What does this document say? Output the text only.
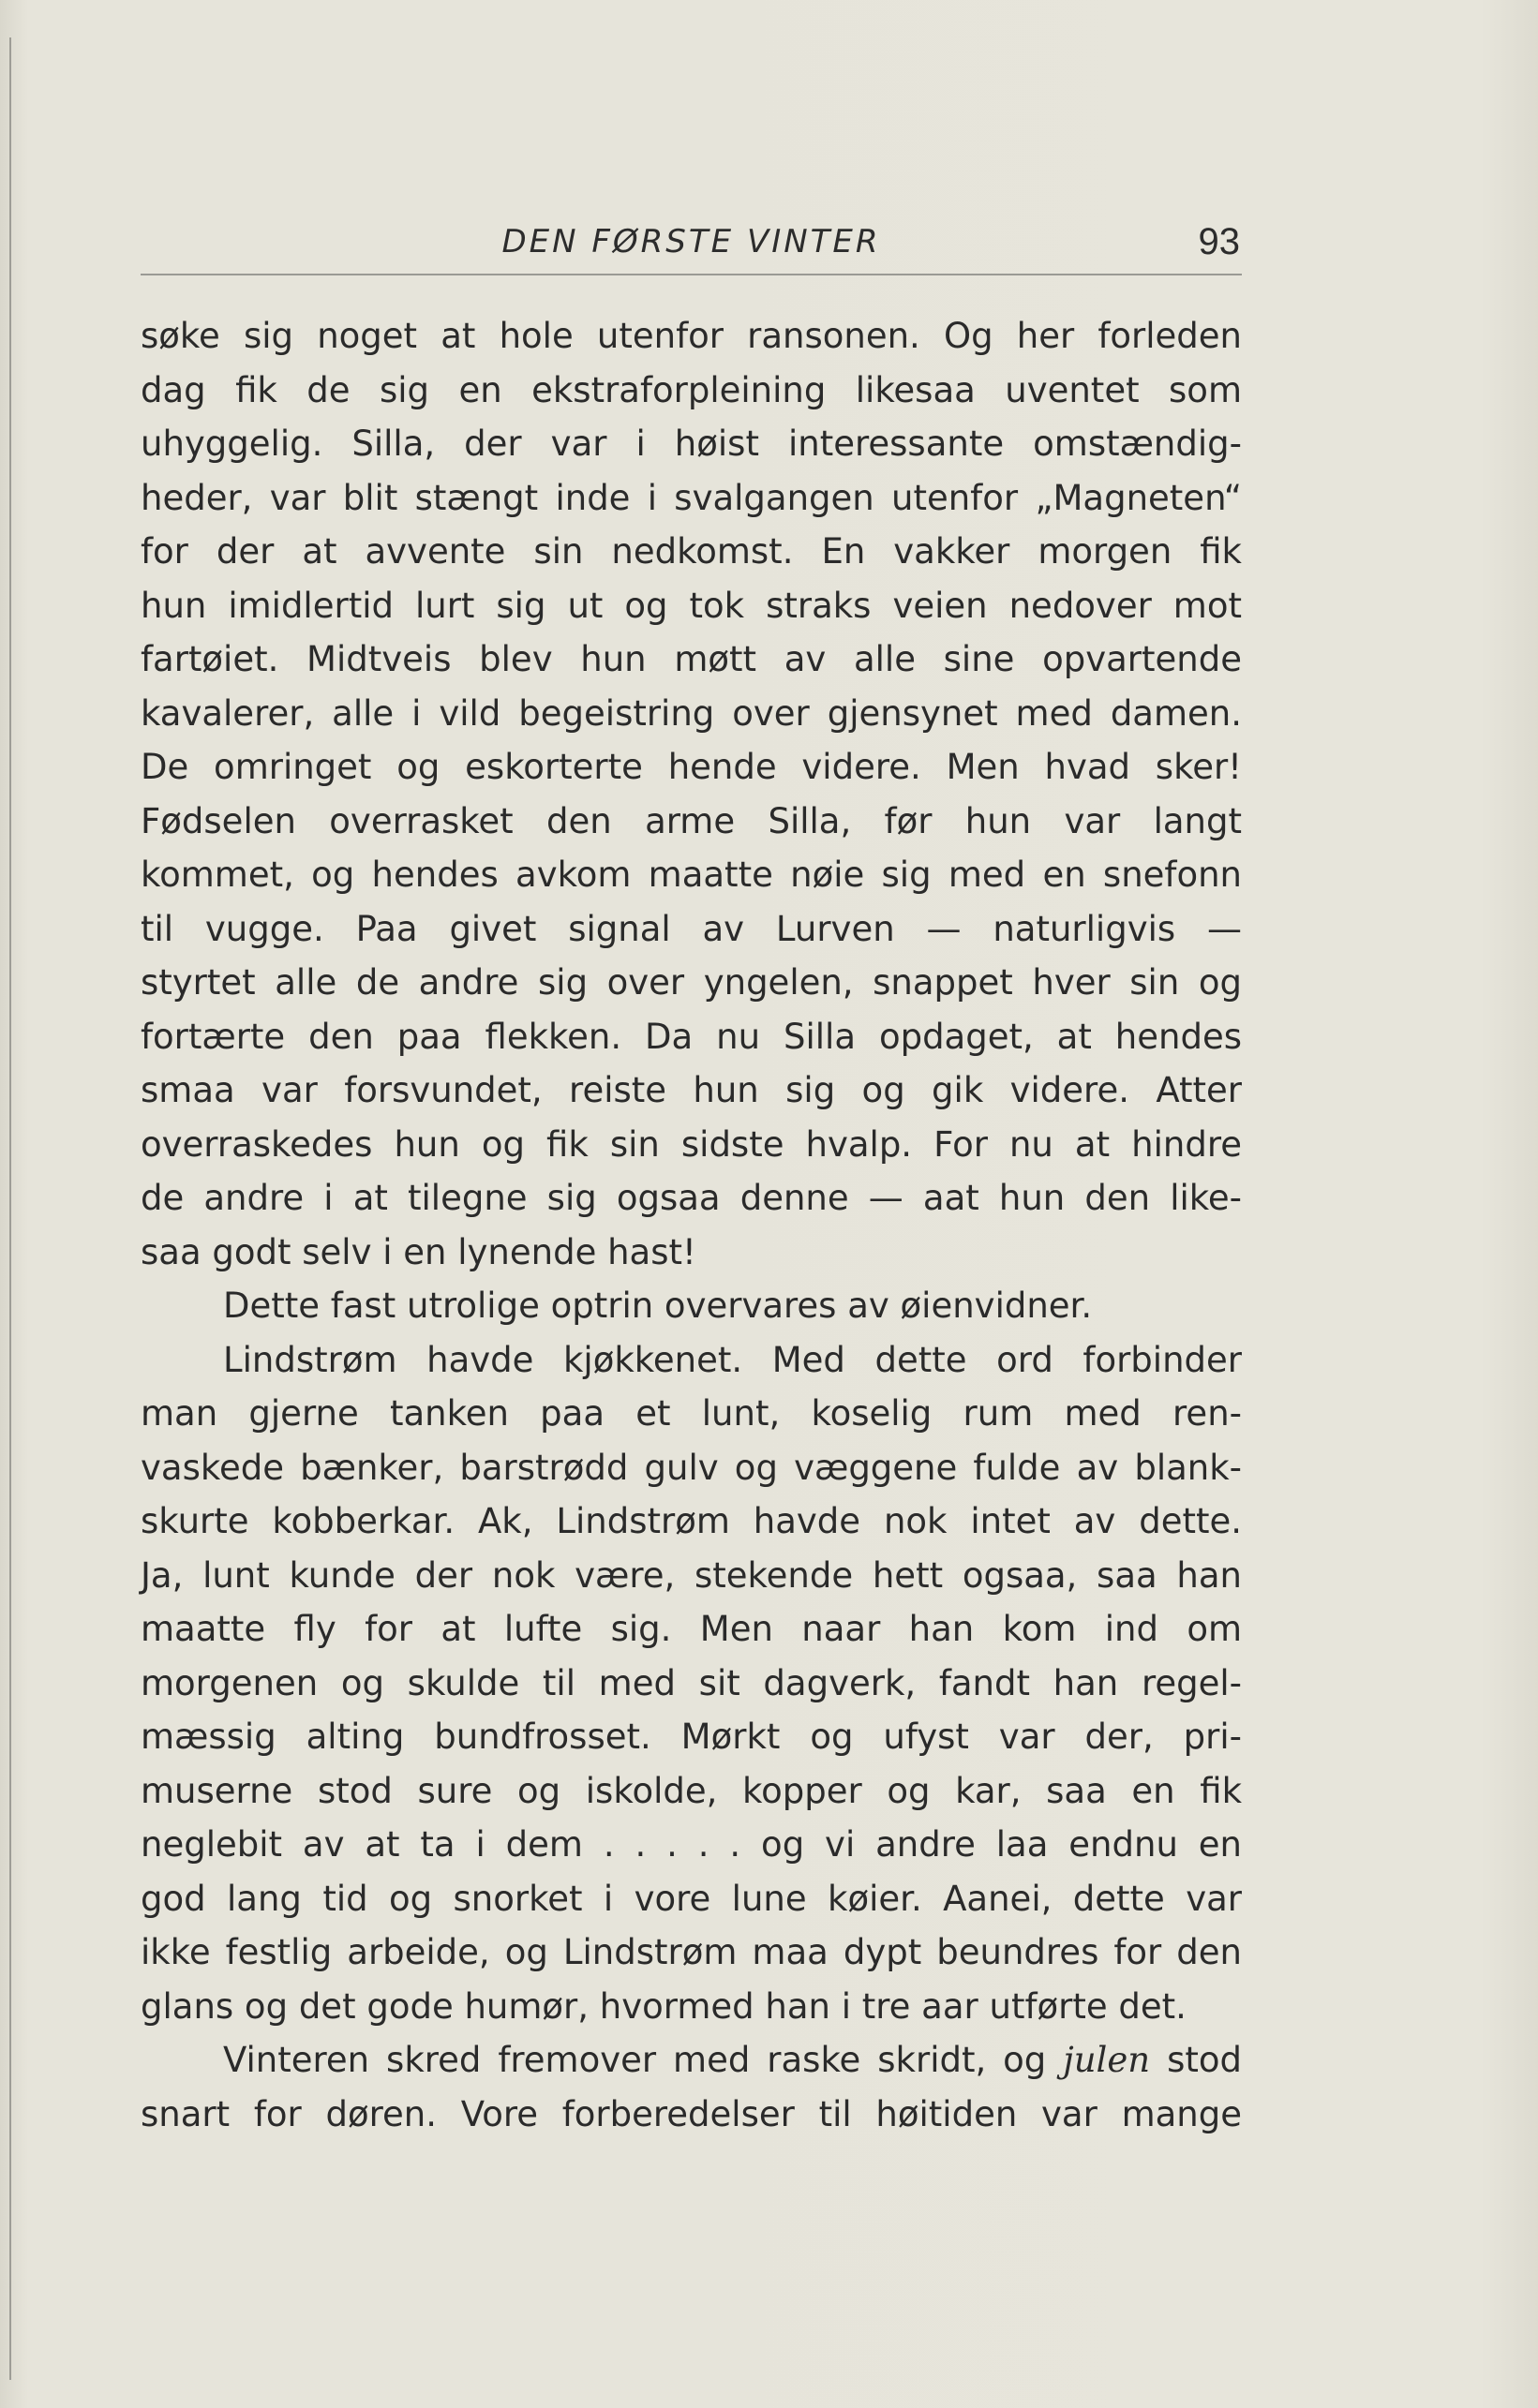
DEN FØRSTE VINTER	93
søke sig noget at hole utenfor ransonen. Og her forleden
dag fik de sig en ekstraforpleining likesaa uventet som
uhyggelig. Silla, der var i høist interessante omstændig-
heder, var blit stængt inde i svalgangen utenfor „Magneten“
for der at avvente sin nedkomst. En vakker morgen fik
hun imidlertid lurt sig ut og tok straks veien nedover mot
fartøiet. Midtveis blev hun møtt av alle sine opvartende
kavalerer, alle i vild begeistring over gjensynet med damen.
De omringet og eskorterte hende videre. Men hvad sker!
Fødselen overrasket den arme Silla, før hun var langt
kommet, og hendes avkom maatte nøie sig med en snefonn
til vugge. Paa givet signal av Lurven — naturligvis —
styrtet alle de andre sig over yngelen, snappet hver sin og
fortærte den paa flekken. Da nu Silla opdaget, at hendes
smaa var forsvundet, reiste hun sig og gik videre. Atter
overraskedes hun og fik sin sidste hvalp. For nu at hindre
de andre i at tilegne sig ogsaa denne — aat hun den like-
saa godt selv i en lynende hast!
Dette fast utrolige optrin overvares av øienvidner.
Lindstrøm havde kjøkkenet. Med dette ord forbinder
man gjerne tanken paa et lunt, koselig rum med ren-
vaskede bænker, barstrødd gulv og væggene fulde av blank-
skurte kobberkar. Ak, Lindstrøm havde nok intet av dette.
Ja, lunt kunde der nok være, stekende hett ogsaa, saa han
maatte fly for at lufte sig. Men naar han kom ind om
morgenen og skulde til med sit dagverk, fandt han regel-
mæssig alting bundfrosset. Mørkt og ufyst var der, pri-
muserne stod sure og iskolde, kopper og kar, saa en fik
neglebit av at ta i dem . . . . . og vi andre laa endnu en
god lang tid og snorket i vore lune køier. Aanei, dette var
ikke festlig arbeide, og Lindstrøm maa dypt beundres for den
glans og det gode humør, hvormed han i tre aar utførte det.
Vinteren skred fremover med raske skridt, og julen stod
snart for døren. Vore forberedelser til høitiden var mange
